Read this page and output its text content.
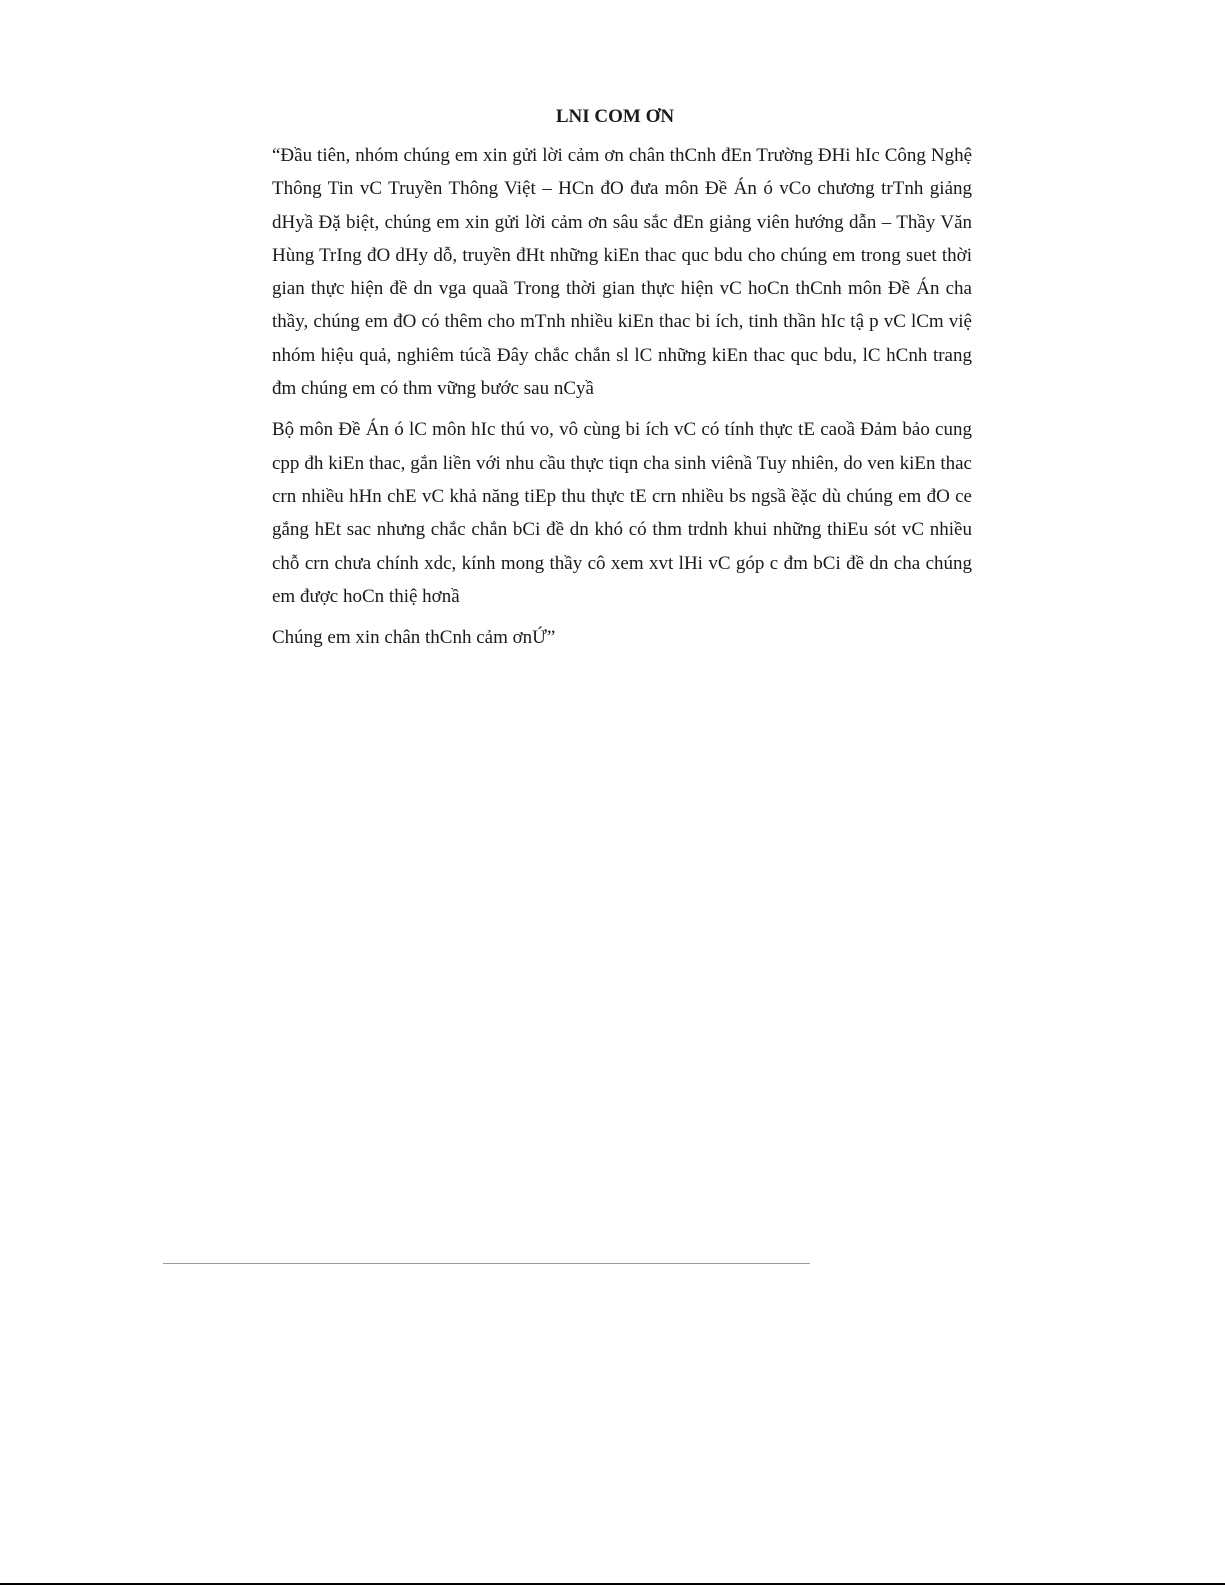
LNI COM ƠN

“Đầu tiên, nhóm chúng em xin gửi lời cảm ơn chân thCnh đEn Trường ĐHi hIc Công Nghệ Thông Tin vC Truyền Thông Việt – HCn đO đưa môn Đề Án ó vCo chương trTnh giảng dHyầ Đặ biệt, chúng em xin gửi lời cảm ơn sâu sắc đEn giảng viên hướng dẫn – Thầy Văn Hùng TrIng đO dHy dỗ, truyền đHt những kiEn thac quc bdu cho chúng em trong suet thời gian thực hiện đề dn vga quaầ Trong thời gian thực hiện vC hoCn thCnh môn Đề Án cha thầy, chúng em đO có thêm cho mTnh nhiều kiEn thac bi ích, tinh thần hIc tậ p vC lCm việ nhóm hiệu quả, nghiêm túcầ Đây chắc chắn sl lC những kiEn thac quc bdu, lC hCnh trang đm chúng em có thm vững bước sau nCyầ

Bộ môn Đề Án ó lC môn hIc thú vo, vô cùng bi ích vC có tính thực tE caoầ Đảm bảo cung cpp đh kiEn thac, gắn liền với nhu cầu thực tiqn cha sinh viênầ Tuy nhiên, do ven kiEn thac crn nhiều hHn chE vC khả năng tiEp thu thực tE crn nhiều bs ngsầ ềặc dù chúng em đO ce gắng hEt sac nhưng chắc chắn bCi đề dn khó có thm trdnh khui những thiEu sót vC nhiều chỗ crn chưa chính xdc, kính mong thầy cô xem xvt lHi vC góp c đm bCi đề dn cha chúng em được hoCn thiệ hơnầ

Chúng em xin chân thCnh cảm ơnỨ”
